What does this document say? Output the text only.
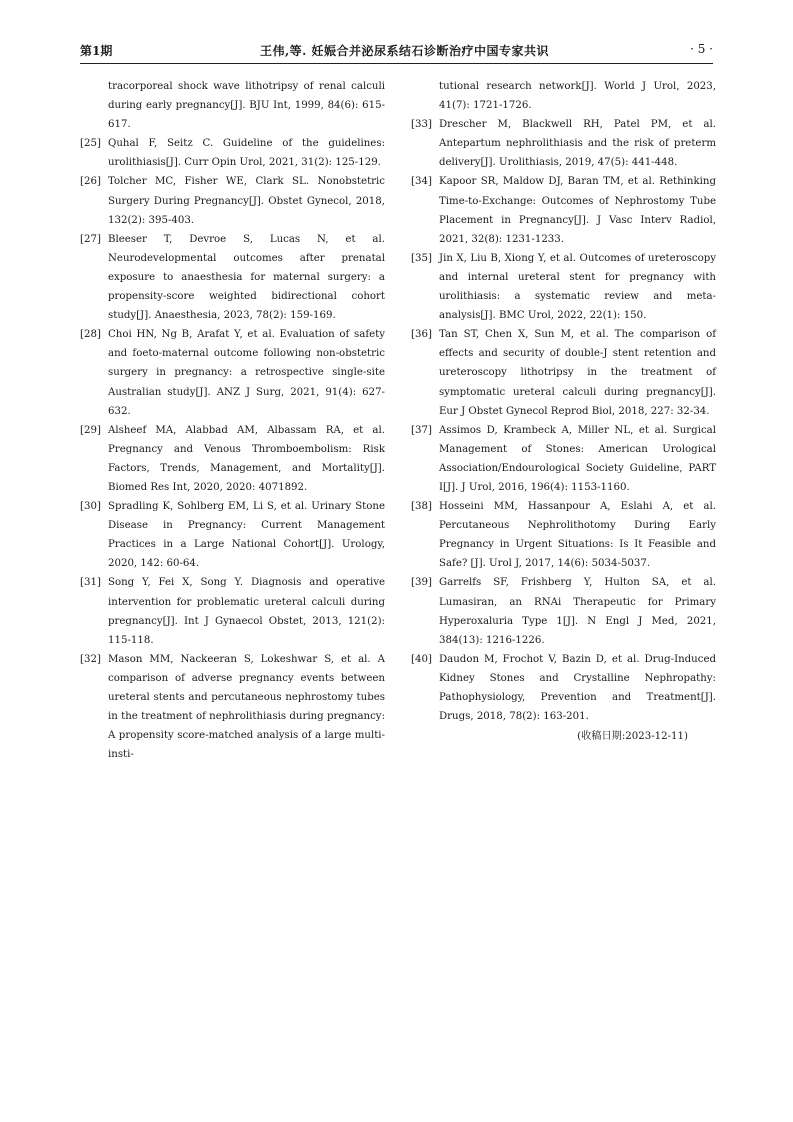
第1期	王伟,等. 妊娠合并泌尿系结石诊断治疗中国专家共识	· 5 ·
tracorporeal shock wave lithotripsy of renal calculi during early pregnancy[J]. BJU Int, 1999, 84(6): 615-617.
[25] Quhal F, Seitz C. Guideline of the guidelines: urolithiasis[J]. Curr Opin Urol, 2021, 31(2): 125-129.
[26] Tolcher MC, Fisher WE, Clark SL. Nonobstetric Surgery During Pregnancy[J]. Obstet Gynecol, 2018, 132(2): 395-403.
[27] Bleeser T, Devroe S, Lucas N, et al. Neurodevelopmental outcomes after prenatal exposure to anaesthesia for maternal surgery: a propensity-score weighted bidirectional cohort study[J]. Anaesthesia, 2023, 78(2): 159-169.
[28] Choi HN, Ng B, Arafat Y, et al. Evaluation of safety and foeto-maternal outcome following non-obstetric surgery in pregnancy: a retrospective single-site Australian study[J]. ANZ J Surg, 2021, 91(4): 627-632.
[29] Alsheef MA, Alabbad AM, Albassam RA, et al. Pregnancy and Venous Thromboembolism: Risk Factors, Trends, Management, and Mortality[J]. Biomed Res Int, 2020, 2020: 4071892.
[30] Spradling K, Sohlberg EM, Li S, et al. Urinary Stone Disease in Pregnancy: Current Management Practices in a Large National Cohort[J]. Urology, 2020, 142: 60-64.
[31] Song Y, Fei X, Song Y. Diagnosis and operative intervention for problematic ureteral calculi during pregnancy[J]. Int J Gynaecol Obstet, 2013, 121(2): 115-118.
[32] Mason MM, Nackeeran S, Lokeshwar S, et al. A comparison of adverse pregnancy events between ureteral stents and percutaneous nephrostomy tubes in the treatment of nephrolithiasis during pregnancy: A propensity score-matched analysis of a large multi-insti-
tutional research network[J]. World J Urol, 2023, 41(7): 1721-1726.
[33] Drescher M, Blackwell RH, Patel PM, et al. Antepartum nephrolithiasis and the risk of preterm delivery[J]. Urolithiasis, 2019, 47(5): 441-448.
[34] Kapoor SR, Maldow DJ, Baran TM, et al. Rethinking Time-to-Exchange: Outcomes of Nephrostomy Tube Placement in Pregnancy[J]. J Vasc Interv Radiol, 2021, 32(8): 1231-1233.
[35] Jin X, Liu B, Xiong Y, et al. Outcomes of ureteroscopy and internal ureteral stent for pregnancy with urolithiasis: a systematic review and meta-analysis[J]. BMC Urol, 2022, 22(1): 150.
[36] Tan ST, Chen X, Sun M, et al. The comparison of effects and security of double-J stent retention and ureteroscopy lithotripsy in the treatment of symptomatic ureteral calculi during pregnancy[J]. Eur J Obstet Gynecol Reprod Biol, 2018, 227: 32-34.
[37] Assimos D, Krambeck A, Miller NL, et al. Surgical Management of Stones: American Urological Association/Endourological Society Guideline, PART I[J]. J Urol, 2016, 196(4): 1153-1160.
[38] Hosseini MM, Hassanpour A, Eslahi A, et al. Percutaneous Nephrolithotomy During Early Pregnancy in Urgent Situations: Is It Feasible and Safe? [J]. Urol J, 2017, 14(6): 5034-5037.
[39] Garrelfs SF, Frishberg Y, Hulton SA, et al. Lumasiran, an RNAi Therapeutic for Primary Hyperoxaluria Type 1[J]. N Engl J Med, 2021, 384(13): 1216-1226.
[40] Daudon M, Frochot V, Bazin D, et al. Drug-Induced Kidney Stones and Crystalline Nephropathy: Pathophysiology, Prevention and Treatment[J]. Drugs, 2018, 78(2): 163-201.
(收稿日期:2023-12-11)
